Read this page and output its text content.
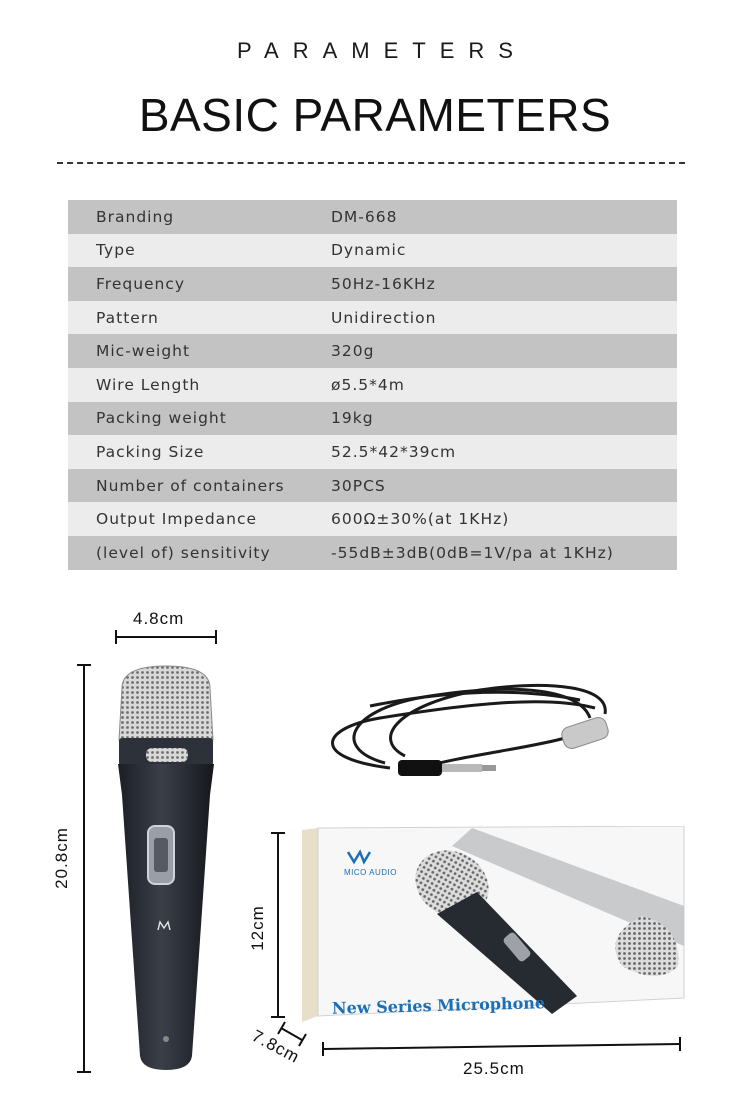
PARAMETERS
BASIC PARAMETERS
Branding	DM-668
Type	Dynamic
Frequency	50Hz-16KHz
Pattern	Unidirection
Mic-weight	320g
Wire Length	ø5.5*4m
Packing weight	19kg
Packing Size	52.5*42*39cm
Number of containers	30PCS
Output Impedance	600Ω±30%(at 1KHz)
(level of) sensitivity	-55dB±3dB(0dB=1V/pa at 1KHz)
4.8cm
20.8cm
12cm
7.8cm
25.5cm
MICO AUDIO
New Series Microphone
